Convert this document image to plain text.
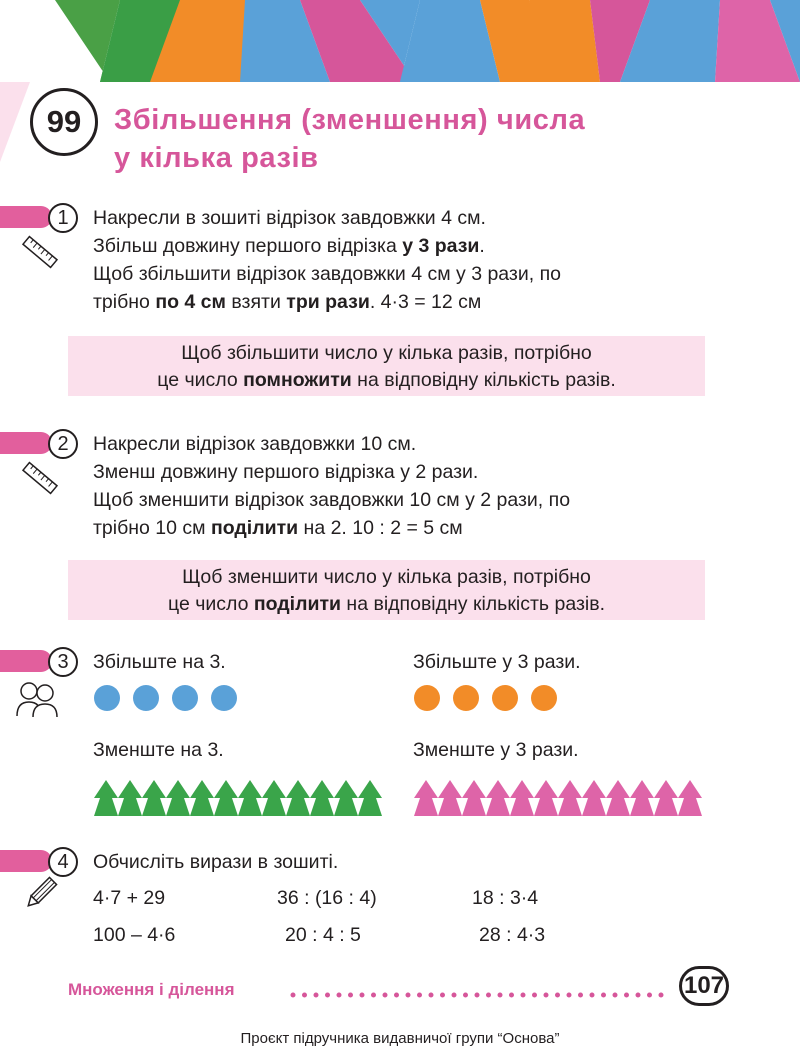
99	Збільшення (зменшення) числа
у кілька разів
1	Накресли в зошиті відрізок завдовжки 4 см.
Збільш довжину першого відрізка у 3 рази.
Щоб збільшити відрізок завдовжки 4 см у 3 рази, по
трібно по 4 см взяти три рази. 4·3 = 12 см
Щоб збільшити число у кілька разів, потрібно
це число помножити на відповідну кількість разів.
2	Накресли відрізок завдовжки 10 см.
Зменш довжину першого відрізка у 2 рази.
Щоб зменшити відрізок завдовжки 10 см у 2 рази, по
трібно 10 см поділити на 2. 10 : 2 = 5 см
Щоб зменшити число у кілька разів, потрібно
це число поділити на відповідну кількість разів.
3	Збільште на 3.	Збільште у 3 рази.
Зменште на 3.	Зменште у 3 рази.
4	Обчисліть вирази в зошиті.
4·7 + 29	36 : (16 : 4)	18 : 3·4
100 – 4·6	20 : 4 : 5	28 : 4·3
Множення і ділення	107
Проєкт підручника видавничої групи “Основа”
